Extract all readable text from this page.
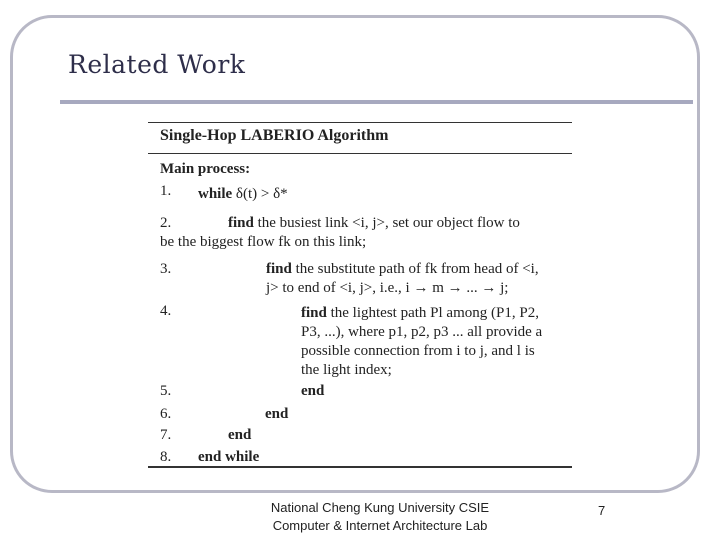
Related Work
Single-Hop LABERIO Algorithm
Main process:
1. while δ(t) > δ*
2.	find the busiest link <i, j>, set our object flow to
be the biggest flow fk on this link;
3.	find the substitute path of fk from head of <i,
j> to end of <i, j>, i.e., i → m → ... → j;
4.	find the lightest path Pl among (P1, P2,
P3, ...), where p1, p2, p3 ... all provide a
possible connection from i to j, and l is
the light index;
5.	end
6.	end
7.	end
8. end while
National Cheng Kung University CSIE
Computer & Internet Architecture Lab
7
